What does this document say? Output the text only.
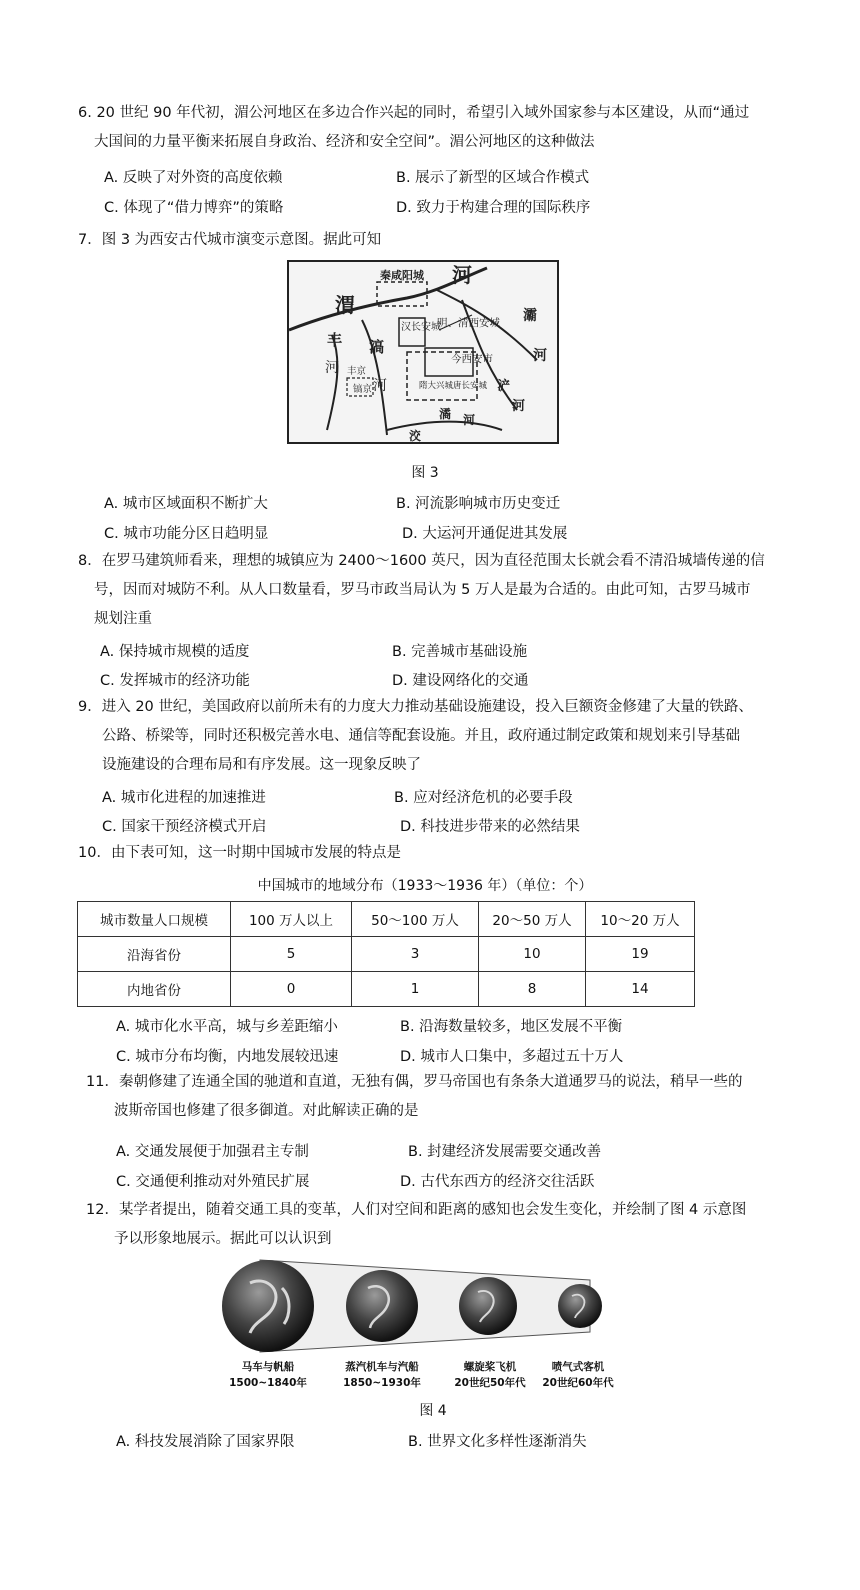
6. 20 世纪 90 年代初，湄公河地区在多边合作兴起的同时，希望引入域外国家参与本区建设，从而“通过
大国间的力量平衡来拓展自身政治、经济和安全空间”。湄公河地区的这种做法
A. 反映了对外资的高度依赖	B. 展示了新型的区域合作模式
C. 体现了“借力博弈”的策略	D. 致力于构建合理的国际秩序
7．图 3 为西安古代城市演变示意图。据此可知
渭
河
秦咸阳城
汉长安城
明、清西安城
丰 滈
河
河
今西安市
隋大兴城唐长安城
丰京
镐京
灞
河
浐
河
潏 河
洨
图 3
A. 城市区域面积不断扩大	B. 河流影响城市历史变迁
C. 城市功能分区日趋明显	D. 大运河开通促进其发展
8．在罗马建筑师看来，理想的城镇应为 2400～1600 英尺，因为直径范围太长就会看不清沿城墙传递的信
号，因而对城防不利。从人口数量看，罗马市政当局认为 5 万人是最为合适的。由此可知，古罗马城市
规划注重
A. 保持城市规模的适度	B. 完善城市基础设施
C. 发挥城市的经济功能	D. 建设网络化的交通
9．进入 20 世纪，美国政府以前所未有的力度大力推动基础设施建设，投入巨额资金修建了大量的铁路、
公路、桥梁等，同时还积极完善水电、通信等配套设施。并且，政府通过制定政策和规划来引导基础
设施建设的合理布局和有序发展。这一现象反映了
A. 城市化进程的加速推进	B. 应对经济危机的必要手段
C. 国家干预经济模式开启	D. 科技进步带来的必然结果
10．由下表可知，这一时期中国城市发展的特点是
中国城市的地域分布（1933～1936 年）（单位：个）
城市数量人口规模	100 万人以上	50～100 万人	20～50 万人	10～20 万人
沿海省份	5	3	10	19
内地省份	0	1	8	14
A. 城市化水平高，城与乡差距缩小	B. 沿海数量较多，地区发展不平衡
C. 城市分布均衡，内地发展较迅速	D. 城市人口集中，多超过五十万人
11．秦朝修建了连通全国的驰道和直道，无独有偶，罗马帝国也有条条大道通罗马的说法，稍早一些的
波斯帝国也修建了很多御道。对此解读正确的是
A. 交通发展便于加强君主专制	B. 封建经济发展需要交通改善
C. 交通便利推动对外殖民扩展	D. 古代东西方的经济交往活跃
12．某学者提出，随着交通工具的变革，人们对空间和距离的感知也会发生变化，并绘制了图 4 示意图
予以形象地展示。据此可以认识到
马车与帆船
1500~1840年
蒸汽机车与汽船
1850~1930年
螺旋桨飞机
20世纪50年代
喷气式客机
20世纪60年代
图 4
A. 科技发展消除了国家界限	B. 世界文化多样性逐渐消失
